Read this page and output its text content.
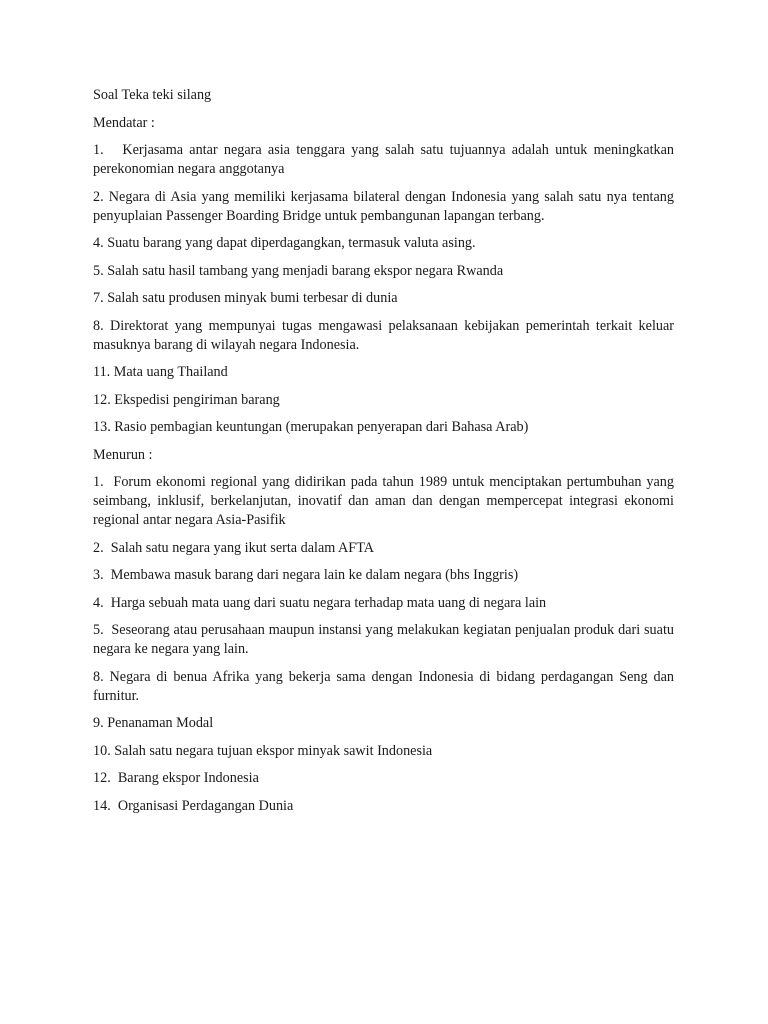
Soal Teka teki silang

Mendatar :

1.   Kerjasama antar negara asia tenggara yang salah satu tujuannya adalah untuk meningkatkan perekonomian negara anggotanya

2. Negara di Asia yang memiliki kerjasama bilateral dengan Indonesia yang salah satu nya tentang penyuplaian Passenger Boarding Bridge untuk pembangunan lapangan terbang.

4. Suatu barang yang dapat diperdagangkan, termasuk valuta asing.

5. Salah satu hasil tambang yang menjadi barang ekspor negara Rwanda

7. Salah satu produsen minyak bumi terbesar di dunia

8. Direktorat yang mempunyai tugas mengawasi pelaksanaan kebijakan pemerintah terkait keluar masuknya barang di wilayah negara Indonesia.

11. Mata uang Thailand

12. Ekspedisi pengiriman barang

13. Rasio pembagian keuntungan (merupakan penyerapan dari Bahasa Arab)

Menurun :

1.  Forum ekonomi regional yang didirikan pada tahun 1989 untuk menciptakan pertumbuhan yang seimbang, inklusif, berkelanjutan, inovatif dan aman dan dengan mempercepat integrasi ekonomi regional antar negara Asia-Pasifik

2.  Salah satu negara yang ikut serta dalam AFTA

3.  Membawa masuk barang dari negara lain ke dalam negara (bhs Inggris)

4.  Harga sebuah mata uang dari suatu negara terhadap mata uang di negara lain

5.  Seseorang atau perusahaan maupun instansi yang melakukan kegiatan penjualan produk dari suatu negara ke negara yang lain.

8. Negara di benua Afrika yang bekerja sama dengan Indonesia di bidang perdagangan Seng dan furnitur.

9. Penanaman Modal

10. Salah satu negara tujuan ekspor minyak sawit Indonesia

12.  Barang ekspor Indonesia

14.  Organisasi Perdagangan Dunia
